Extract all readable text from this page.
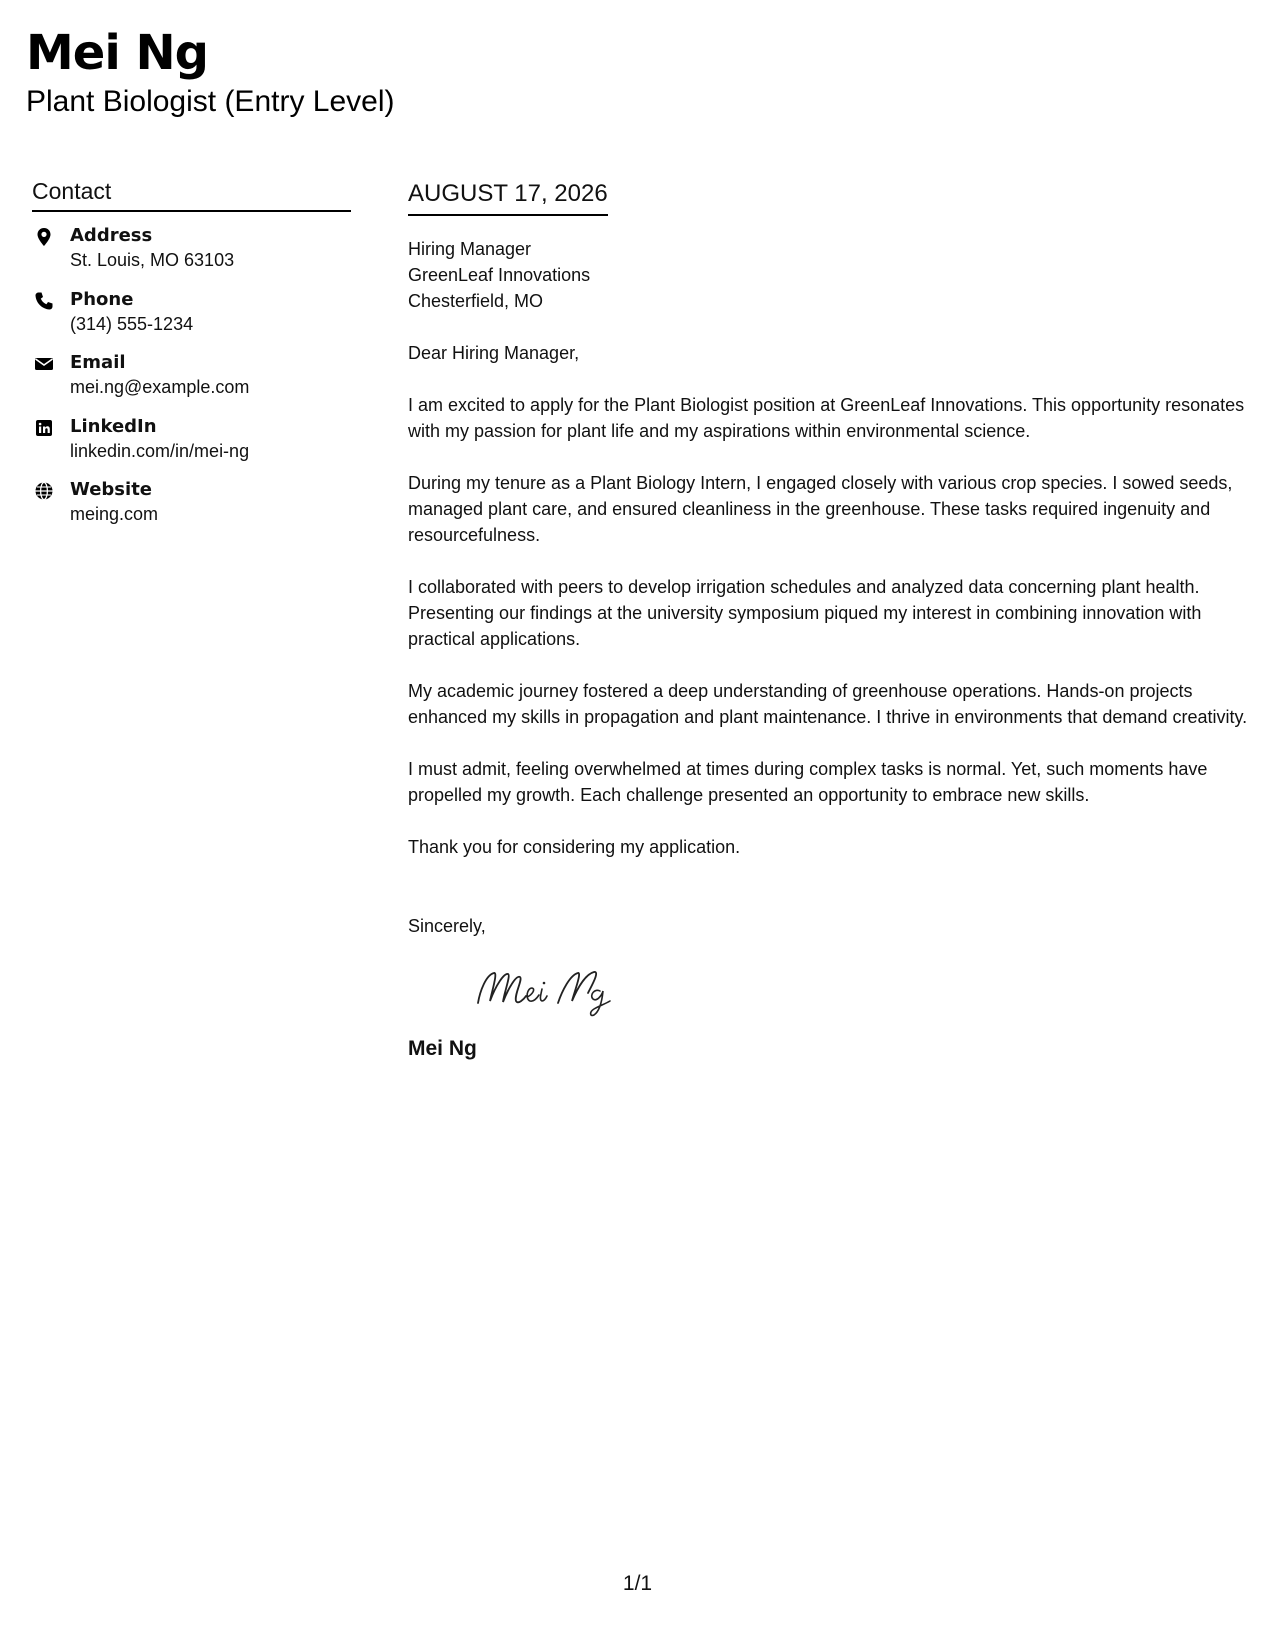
Mei Ng

Plant Biologist (Entry Level)

Contact
Address
St. Louis, MO 63103
Phone
(314) 555-1234
Email
mei.ng@example.com
LinkedIn
linkedin.com/in/mei-ng
Website
meing.com
AUGUST 17, 2026
Hiring Manager
GreenLeaf Innovations
Chesterfield, MO

Dear Hiring Manager,

I am excited to apply for the Plant Biologist position at GreenLeaf Innovations. This opportunity resonates with my passion for plant life and my aspirations within environmental science.

During my tenure as a Plant Biology Intern, I engaged closely with various crop species. I sowed seeds, managed plant care, and ensured cleanliness in the greenhouse. These tasks required ingenuity and resourcefulness.

I collaborated with peers to develop irrigation schedules and analyzed data concerning plant health. Presenting our findings at the university symposium piqued my interest in combining innovation with practical applications.

My academic journey fostered a deep understanding of greenhouse operations. Hands-on projects enhanced my skills in propagation and plant maintenance. I thrive in environments that demand creativity.

I must admit, feeling overwhelmed at times during complex tasks is normal. Yet, such moments have propelled my growth. Each challenge presented an opportunity to embrace new skills.

Thank you for considering my application.

Sincerely,

Mei Ng
1/1
